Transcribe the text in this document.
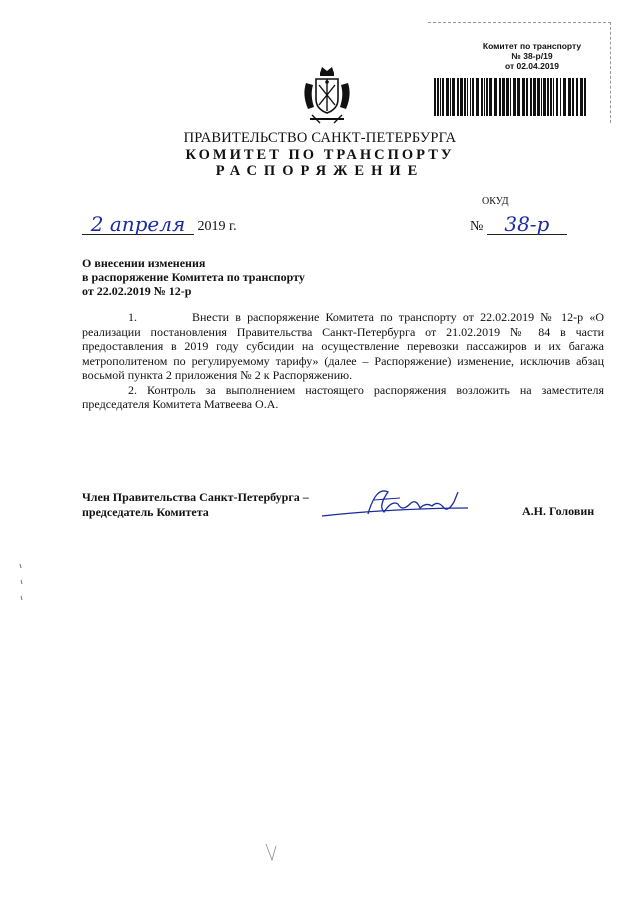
Комитет по транспорту
№ 38-р/19
от 02.04.2019
ПРАВИТЕЛЬСТВО САНКТ-ПЕТЕРБУРГА
КОМИТЕТ ПО ТРАНСПОРТУ
РАСПОРЯЖЕНИЕ
ОКУД
2 апреля 2019 г.	№ 38-р
О внесении изменения
в распоряжение Комитета по транспорту
от 22.02.2019 № 12-р

1.	Внести в распоряжение Комитета по транспорту от 22.02.2019 № 12-р «О реализации постановления Правительства Санкт-Петербурга от 21.02.2019 № 84 в части предоставления в 2019 году субсидии на осуществление перевозки пассажиров и их багажа метрополитеном по регулируемому тарифу» (далее – Распоряжение) изменение, исключив абзац восьмой пункта 2 приложения № 2 к Распоряжению.

2. Контроль за выполнением настоящего распоряжения возложить на заместителя председателя Комитета Матвеева О.А.

Член Правительства Санкт-Петербурга –
председатель Комитета	А.Н. Головин
